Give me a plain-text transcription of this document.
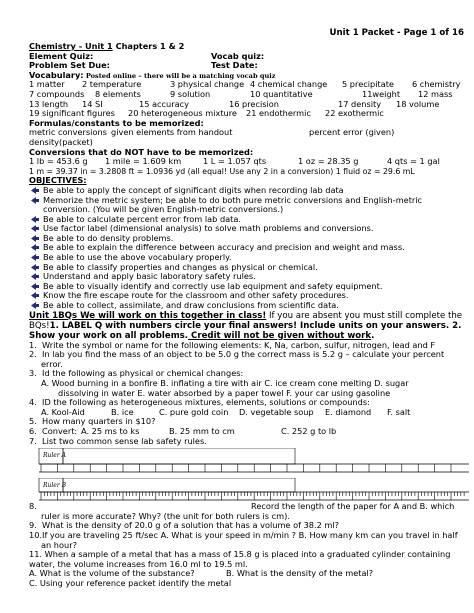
Unit 1 Packet - Page 1 of 16
Chemistry - Unit 1 Chapters 1 & 2
Element Quiz:	Vocab quiz:
Problem Set Due:	Test Date:
Vocabulary: Posted online – there will be a matching vocab quiz
1 matter	2 temperature	3 physical change 4 chemical change	5 precipitate	6 chemistry
7 compounds	8 elements	9 solution	10 quantitative	11weight	12 mass
13 length	14 SI	15 accuracy	16 precision	17 density	18 volume
19 significant figures	20 heterogeneous mixture	21 endothermic	22 exothermic
Formulas/constants to be memorized:
metric conversions given elements from handout	percent error (given)
density(packet)
Conversions that do NOT have to be memorized:
1 lb = 453.6 g	1 mile = 1.609 km	1 L = 1.057 qts	1 oz = 28.35 g	4 qts = 1 gal
1 m = 39.37 in = 3.2808 ft = 1.0936 yd (all equal! Use any 2 in a conversion) 1 fluid oz = 29.6 mL
OBJECTIVES:
Be able to apply the concept of significant digits when recording lab data
Memorize the metric system; be able to do both pure metric conversions and English-metric conversion. (You will be given English-metric conversions.)
Be able to calculate percent error from lab data.
Use factor label (dimensional analysis) to solve math problems and conversions.
Be able to do density problems.
Be able to explain the difference between accuracy and precision and weight and mass.
Be able to use the above vocabulary properly.
Be able to classify properties and changes as physical or chemical.
Understand and apply basic laboratory safety rules.
Be able to visually identify and correctly use lab equipment and safety equipment.
Know the fire escape route for the classroom and other safety procedures.
Be able to collect, assimilate, and draw conclusions from scientific data.
Unit 1BQs We will work on this together in class! If you are absent you must still complete the BQs!1. LABEL Q with numbers circle your final answers! Include units on your answers. 2. Show your work on all problems. Credit will not be given without work.
1.  Write the symbol or name for the following elements: K, Na, carbon, sulfur, nitrogen, lead and F
2.  In lab you find the mass of an object to be 5.0 g the correct mass is 5.2 g – calculate your percent error.
3.  Id the following as physical or chemical changes:
A. Wood burning in a bonfire B. inflating a tire with air C. ice cream cone melting D. sugar
dissolving in water E. water absorbed by a paper towel F. your car using gasoline
4.  ID the following as heterogeneous mixtures, elements, solutions or compounds:
A. Kool-Aid	B. ice	C. pure gold coin	D. vegetable soup	E. diamond	F. salt
5.  How many quarters in $10?
6.  Convert: A. 25 ms to ks	B. 25 mm to cm	C. 252 g to lb
7.  List two common sense lab safety rules.
Ruler A
Ruler B
8.	Record the length of the paper for A and B. which
ruler is more accurate? Why? (the unit for both rulers is cm).
9.  What is the density of 20.0 g of a solution that has a volume of 38.2 ml?
10.If you are traveling 25 ft/sec A. What is your speed in m/min ? B. How many km can you travel in half an hour?
11. When a sample of a metal that has a mass of 15.8 g is placed into a graduated cylinder containing water, the volume increases from 16.0 ml to 19.5 ml.
A. What is the volume of the substance?	B. What is the density of the metal?
C. Using your reference packet identify the metal
